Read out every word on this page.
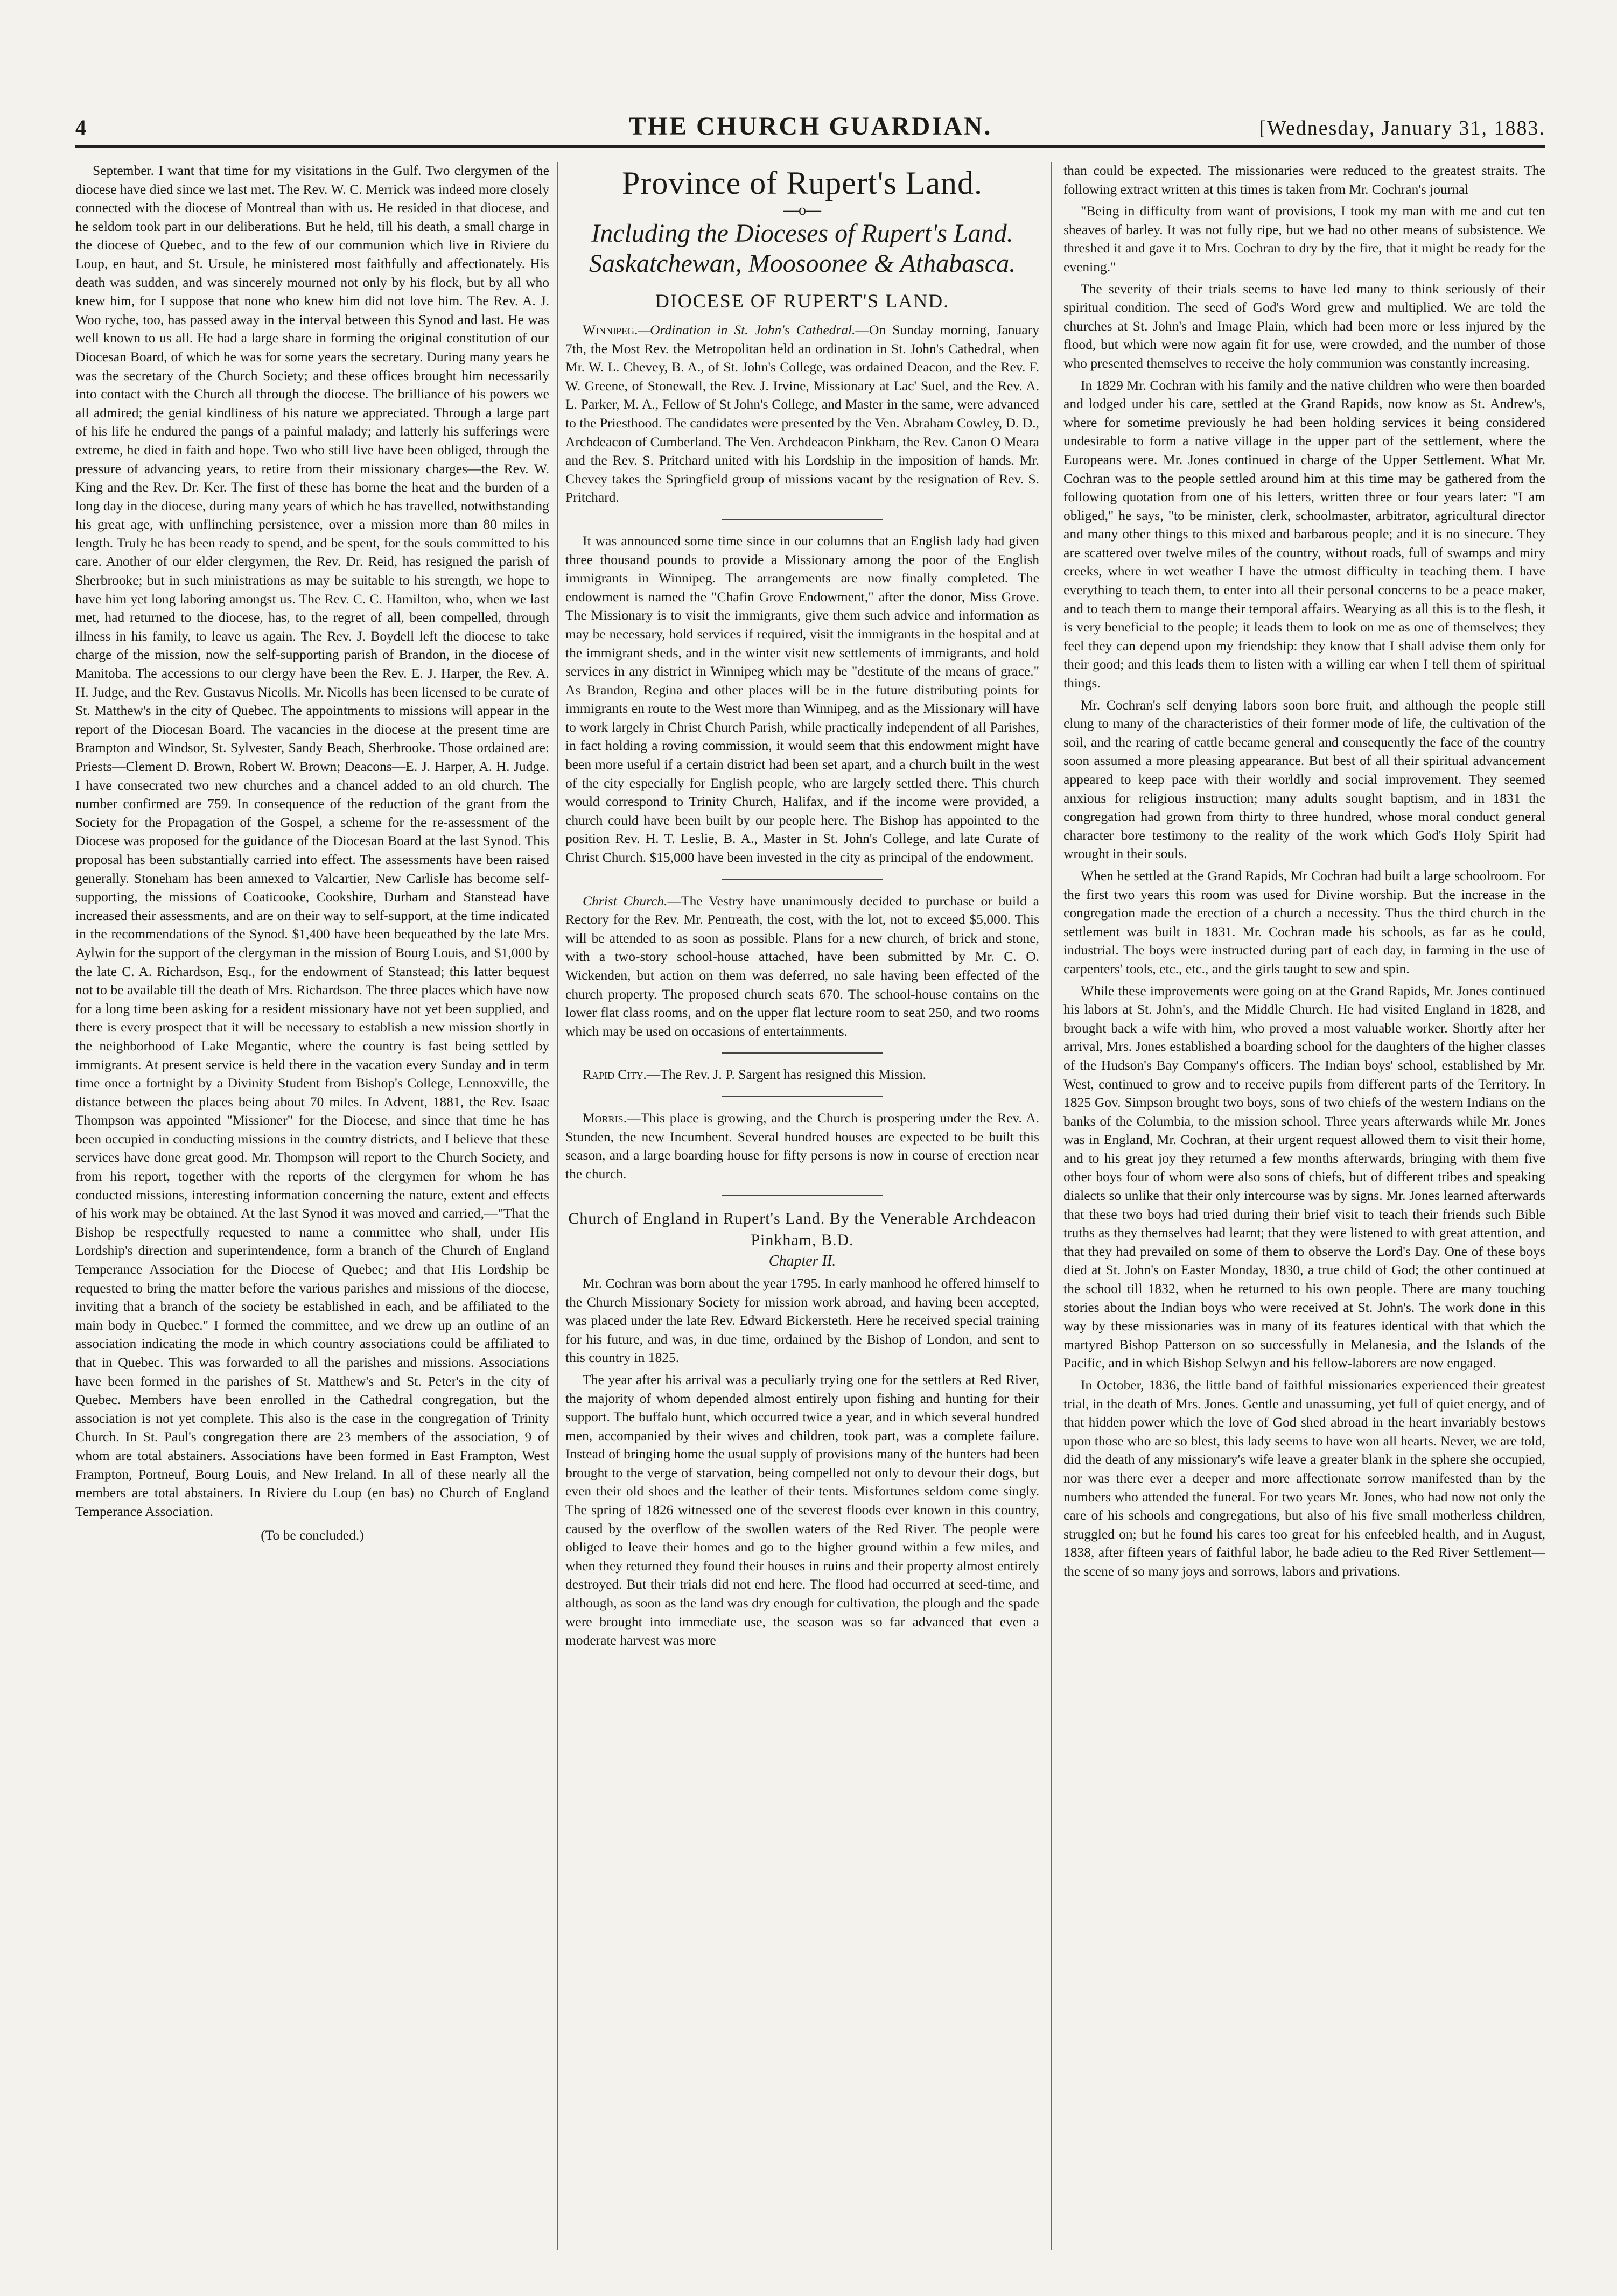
4	THE CHURCH GUARDIAN.	[Wednesday, January 31, 1883.

September. I want that time for my visitations in the Gulf. Two clergymen of the diocese have died since we last met. The Rev. W. C. Merrick was indeed more closely connected with the diocese of Montreal than with us. He resided in that diocese, and he seldom took part in our deliberations. But he held, till his death, a small charge in the diocese of Quebec, and to the few of our communion which live in Riviere du Loup, en haut, and St. Ursule, he ministered most faithfully and affectionately. His death was sudden, and was sincerely mourned not only by his flock, but by all who knew him, for I suppose that none who knew him did not love him. The Rev. A. J. Woo ryche, too, has passed away in the interval between this Synod and last. He was well known to us all. He had a large share in forming the original constitution of our Diocesan Board, of which he was for some years the secretary. During many years he was the secretary of the Church Society; and these offices brought him necessarily into contact with the Church all through the diocese. The brilliance of his powers we all admired; the genial kindliness of his nature we appreciated. Through a large part of his life he endured the pangs of a painful malady; and latterly his sufferings were extreme, he died in faith and hope. Two who still live have been obliged, through the pressure of advancing years, to retire from their missionary charges—the Rev. W. King and the Rev. Dr. Ker. The first of these has borne the heat and the burden of a long day in the diocese, during many years of which he has travelled, notwithstanding his great age, with unflinching persistence, over a mission more than 80 miles in length. Truly he has been ready to spend, and be spent, for the souls committed to his care. Another of our elder clergymen, the Rev. Dr. Reid, has resigned the parish of Sherbrooke; but in such ministrations as may be suitable to his strength, we hope to have him yet long laboring amongst us. The Rev. C. C. Hamilton, who, when we last met, had returned to the diocese, has, to the regret of all, been compelled, through illness in his family, to leave us again. The Rev. J. Boydell left the diocese to take charge of the mission, now the self-supporting parish of Brandon, in the diocese of Manitoba. The accessions to our clergy have been the Rev. E. J. Harper, the Rev. A. H. Judge, and the Rev. Gustavus Nicolls. Mr. Nicolls has been licensed to be curate of St. Matthew's in the city of Quebec. The appointments to missions will appear in the report of the Diocesan Board. The vacancies in the diocese at the present time are Brampton and Windsor, St. Sylvester, Sandy Beach, Sherbrooke. Those ordained are: Priests—Clement D. Brown, Robert W. Brown; Deacons—E. J. Harper, A. H. Judge. I have consecrated two new churches and a chancel added to an old church. The number confirmed are 759. In consequence of the reduction of the grant from the Society for the Propagation of the Gospel, a scheme for the re-assessment of the Diocese was proposed for the guidance of the Diocesan Board at the last Synod. This proposal has been substantially carried into effect. The assessments have been raised generally. Stoneham has been annexed to Valcartier, New Carlisle has become self-supporting, the missions of Coaticooke, Cookshire, Durham and Stanstead have increased their assessments, and are on their way to self-support, at the time indicated in the recommendations of the Synod. $1,400 have been bequeathed by the late Mrs. Aylwin for the support of the clergyman in the mission of Bourg Louis, and $1,000 by the late C. A. Richardson, Esq., for the endowment of Stanstead; this latter bequest not to be available till the death of Mrs. Richardson. The three places which have now for a long time been asking for a resident missionary have not yet been supplied, and there is every prospect that it will be necessary to establish a new mission shortly in the neighborhood of Lake Megantic, where the country is fast being settled by immigrants. At present service is held there in the vacation every Sunday and in term time once a fortnight by a Divinity Student from Bishop's College, Lennoxville, the distance between the places being about 70 miles. In Advent, 1881, the Rev. Isaac Thompson was appointed "Missioner" for the Diocese, and since that time he has been occupied in conducting missions in the country districts, and I believe that these services have done great good. Mr. Thompson will report to the Church Society, and from his report, together with the reports of the clergymen for whom he has conducted missions, interesting information concerning the nature, extent and effects of his work may be obtained. At the last Synod it was moved and carried,—"That the Bishop be respectfully requested to name a committee who shall, under His Lordship's direction and superintendence, form a branch of the Church of England Temperance Association for the Diocese of Quebec; and that His Lordship be requested to bring the matter before the various parishes and missions of the diocese, inviting that a branch of the society be established in each, and be affiliated to the main body in Quebec." I formed the committee, and we drew up an outline of an association indicating the mode in which country associations could be affiliated to that in Quebec. This was forwarded to all the parishes and missions. Associations have been formed in the parishes of St. Matthew's and St. Peter's in the city of Quebec. Members have been enrolled in the Cathedral congregation, but the association is not yet complete. This also is the case in the congregation of Trinity Church. In St. Paul's congregation there are 23 members of the association, 9 of whom are total abstainers. Associations have been formed in East Frampton, West Frampton, Portneuf, Bourg Louis, and New Ireland. In all of these nearly all the members are total abstainers. In Riviere du Loup (en bas) no Church of England Temperance Association.

(To be concluded.)

Province of Rupert's Land.
—o—
Including the Dioceses of Rupert's Land. Saskatchewan, Moosoonee & Athabasca.
DIOCESE OF RUPERT'S LAND.

Winnipeg.—Ordination in St. John's Cathedral.—On Sunday morning, January 7th, the Most Rev. the Metropolitan held an ordination in St. John's Cathedral, when Mr. W. L. Chevey, B. A., of St. John's College, was ordained Deacon, and the Rev. F. W. Greene, of Stonewall, the Rev. J. Irvine, Missionary at Lac' Suel, and the Rev. A. L. Parker, M. A., Fellow of St John's College, and Master in the same, were advanced to the Priesthood. The candidates were presented by the Ven. Abraham Cowley, D. D., Archdeacon of Cumberland. The Ven. Archdeacon Pinkham, the Rev. Canon O Meara and the Rev. S. Pritchard united with his Lordship in the imposition of hands. Mr. Chevey takes the Springfield group of missions vacant by the resignation of Rev. S. Pritchard.

It was announced some time since in our columns that an English lady had given three thousand pounds to provide a Missionary among the poor of the English immigrants in Winnipeg. The arrangements are now finally completed. The endowment is named the "Chafin Grove Endowment," after the donor, Miss Grove. The Missionary is to visit the immigrants, give them such advice and information as may be necessary, hold services if required, visit the immigrants in the hospital and at the immigrant sheds, and in the winter visit new settlements of immigrants, and hold services in any district in Winnipeg which may be "destitute of the means of grace." As Brandon, Regina and other places will be in the future distributing points for immigrants en route to the West more than Winnipeg, and as the Missionary will have to work largely in Christ Church Parish, while practically independent of all Parishes, in fact holding a roving commission, it would seem that this endowment might have been more useful if a certain district had been set apart, and a church built in the west of the city especially for English people, who are largely settled there. This church would correspond to Trinity Church, Halifax, and if the income were provided, a church could have been built by our people here. The Bishop has appointed to the position Rev. H. T. Leslie, B. A., Master in St. John's College, and late Curate of Christ Church. $15,000 have been invested in the city as principal of the endowment.

Christ Church.—The Vestry have unanimously decided to purchase or build a Rectory for the Rev. Mr. Pentreath, the cost, with the lot, not to exceed $5,000. This will be attended to as soon as possible. Plans for a new church, of brick and stone, with a two-story school-house attached, have been submitted by Mr. C. O. Wickenden, but action on them was deferred, no sale having been effected of the church property. The proposed church seats 670. The school-house contains on the lower flat class rooms, and on the upper flat lecture room to seat 250, and two rooms which may be used on occasions of entertainments.

Rapid City.—The Rev. J. P. Sargent has resigned this Mission.

Morris.—This place is growing, and the Church is prospering under the Rev. A. Stunden, the new Incumbent. Several hundred houses are expected to be built this season, and a large boarding house for fifty persons is now in course of erection near the church.

Church of England in Rupert's Land. By the Venerable Archdeacon Pinkham, B.D.
Chapter II.

Mr. Cochran was born about the year 1795. In early manhood he offered himself to the Church Missionary Society for mission work abroad, and having been accepted, was placed under the late Rev. Edward Bickersteth. Here he received special training for his future, and was, in due time, ordained by the Bishop of London, and sent to this country in 1825.

The year after his arrival was a peculiarly trying one for the settlers at Red River, the majority of whom depended almost entirely upon fishing and hunting for their support. The buffalo hunt, which occurred twice a year, and in which several hundred men, accompanied by their wives and children, took part, was a complete failure. Instead of bringing home the usual supply of provisions many of the hunters had been brought to the verge of starvation, being compelled not only to devour their dogs, but even their old shoes and the leather of their tents. Misfortunes seldom come singly. The spring of 1826 witnessed one of the severest floods ever known in this country, caused by the overflow of the swollen waters of the Red River. The people were obliged to leave their homes and go to the higher ground within a few miles, and when they returned they found their houses in ruins and their property almost entirely destroyed. But their trials did not end here. The flood had occurred at seed-time, and although, as soon as the land was dry enough for cultivation, the plough and the spade were brought into immediate use, the season was so far advanced that even a moderate harvest was more

than could be expected. The missionaries were reduced to the greatest straits. The following extract written at this times is taken from Mr. Cochran's journal

"Being in difficulty from want of provisions, I took my man with me and cut ten sheaves of barley. It was not fully ripe, but we had no other means of subsistence. We threshed it and gave it to Mrs. Cochran to dry by the fire, that it might be ready for the evening."

The severity of their trials seems to have led many to think seriously of their spiritual condition. The seed of God's Word grew and multiplied. We are told the churches at St. John's and Image Plain, which had been more or less injured by the flood, but which were now again fit for use, were crowded, and the number of those who presented themselves to receive the holy communion was constantly increasing.

In 1829 Mr. Cochran with his family and the native children who were then boarded and lodged under his care, settled at the Grand Rapids, now know as St. Andrew's, where for sometime previously he had been holding services it being considered undesirable to form a native village in the upper part of the settlement, where the Europeans were. Mr. Jones continued in charge of the Upper Settlement. What Mr. Cochran was to the people settled around him at this time may be gathered from the following quotation from one of his letters, written three or four years later: "I am obliged," he says, "to be minister, clerk, schoolmaster, arbitrator, agricultural director and many other things to this mixed and barbarous people; and it is no sinecure. They are scattered over twelve miles of the country, without roads, full of swamps and miry creeks, where in wet weather I have the utmost difficulty in teaching them. I have everything to teach them, to enter into all their personal concerns to be a peace maker, and to teach them to mange their temporal affairs. Wearying as all this is to the flesh, it is very beneficial to the people; it leads them to look on me as one of themselves; they feel they can depend upon my friendship: they know that I shall advise them only for their good; and this leads them to listen with a willing ear when I tell them of spiritual things.

Mr. Cochran's self denying labors soon bore fruit, and although the people still clung to many of the characteristics of their former mode of life, the cultivation of the soil, and the rearing of cattle became general and consequently the face of the country soon assumed a more pleasing appearance. But best of all their spiritual advancement appeared to keep pace with their worldly and social improvement. They seemed anxious for religious instruction; many adults sought baptism, and in 1831 the congregation had grown from thirty to three hundred, whose moral conduct general character bore testimony to the reality of the work which God's Holy Spirit had wrought in their souls.

When he settled at the Grand Rapids, Mr Cochran had built a large schoolroom. For the first two years this room was used for Divine worship. But the increase in the congregation made the erection of a church a necessity. Thus the third church in the settlement was built in 1831. Mr. Cochran made his schools, as far as he could, industrial. The boys were instructed during part of each day, in farming in the use of carpenters' tools, etc., etc., and the girls taught to sew and spin.

While these improvements were going on at the Grand Rapids, Mr. Jones continued his labors at St. John's, and the Middle Church. He had visited England in 1828, and brought back a wife with him, who proved a most valuable worker. Shortly after her arrival, Mrs. Jones established a boarding school for the daughters of the higher classes of the Hudson's Bay Company's officers. The Indian boys' school, established by Mr. West, continued to grow and to receive pupils from different parts of the Territory. In 1825 Gov. Simpson brought two boys, sons of two chiefs of the western Indians on the banks of the Columbia, to the mission school. Three years afterwards while Mr. Jones was in England, Mr. Cochran, at their urgent request allowed them to visit their home, and to his great joy they returned a few months afterwards, bringing with them five other boys four of whom were also sons of chiefs, but of different tribes and speaking dialects so unlike that their only intercourse was by signs. Mr. Jones learned afterwards that these two boys had tried during their brief visit to teach their friends such Bible truths as they themselves had learnt; that they were listened to with great attention, and that they had prevailed on some of them to observe the Lord's Day. One of these boys died at St. John's on Easter Monday, 1830, a true child of God; the other continued at the school till 1832, when he returned to his own people. There are many touching stories about the Indian boys who were received at St. John's. The work done in this way by these missionaries was in many of its features identical with that which the martyred Bishop Patterson on so successfully in Melanesia, and the Islands of the Pacific, and in which Bishop Selwyn and his fellow-laborers are now engaged.

In October, 1836, the little band of faithful missionaries experienced their greatest trial, in the death of Mrs. Jones. Gentle and unassuming, yet full of quiet energy, and of that hidden power which the love of God shed abroad in the heart invariably bestows upon those who are so blest, this lady seems to have won all hearts. Never, we are told, did the death of any missionary's wife leave a greater blank in the sphere she occupied, nor was there ever a deeper and more affectionate sorrow manifested than by the numbers who attended the funeral. For two years Mr. Jones, who had now not only the care of his schools and congregations, but also of his five small motherless children, struggled on; but he found his cares too great for his enfeebled health, and in August, 1838, after fifteen years of faithful labor, he bade adieu to the Red River Settlement—the scene of so many joys and sorrows, labors and privations.
